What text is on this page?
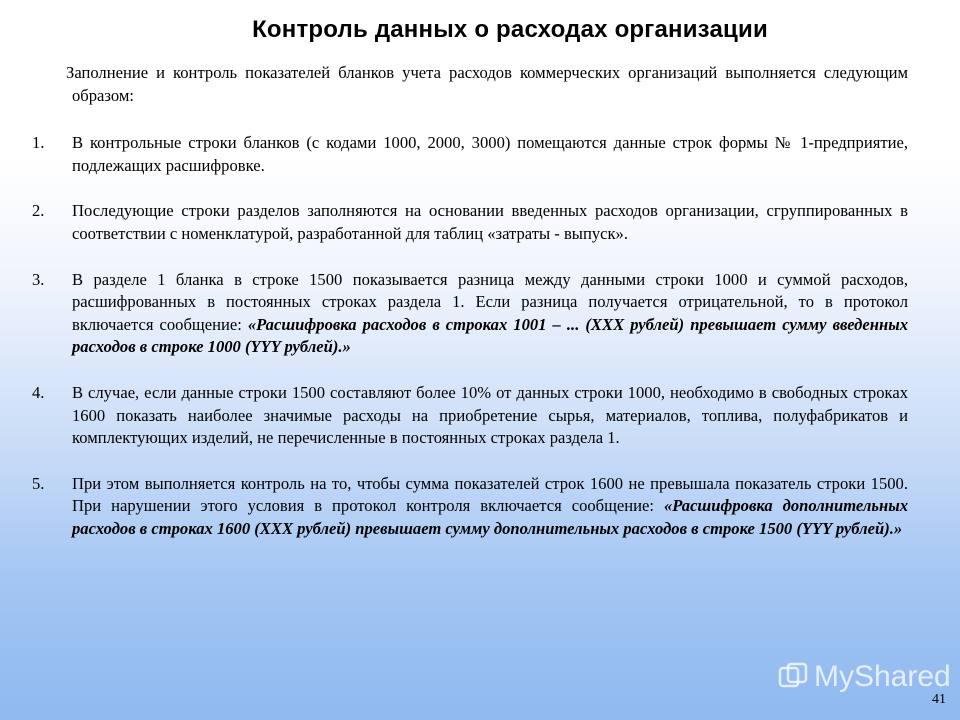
Контроль данных о расходах организации

Заполнение и контроль показателей бланков учета расходов коммерческих организаций выполняется следующим образом:

1. В контрольные строки бланков (с кодами 1000, 2000, 3000) помещаются данные строк формы № 1-предприятие, подлежащих расшифровке.
2. Последующие строки разделов заполняются на основании введенных расходов организации, сгруппированных в соответствии с номенклатурой, разработанной для таблиц «затраты - выпуск».
3. В разделе 1 бланка в строке 1500 показывается разница между данными строки 1000 и суммой расходов, расшифрованных в постоянных строках раздела 1. Если разница получается отрицательной, то в протокол включается сообщение: «Расшифровка расходов в строках 1001 – ... (XXX рублей) превышает сумму введенных расходов в строке 1000 (YYY рублей).»
4. В случае, если данные строки 1500 составляют более 10% от данных строки 1000, необходимо в свободных строках 1600 показать наиболее значимые расходы на приобретение сырья, материалов, топлива, полуфабрикатов и комплектующих изделий, не перечисленные в постоянных строках раздела 1.
5. При этом выполняется контроль на то, чтобы сумма показателей строк 1600 не превышала показатель строки 1500. При нарушении этого условия в протокол контроля включается сообщение: «Расшифровка дополнительных расходов в строках 1600 (XXX рублей) превышает сумму дополнительных расходов в строке 1500 (YYY рублей).»
MyShared
41
